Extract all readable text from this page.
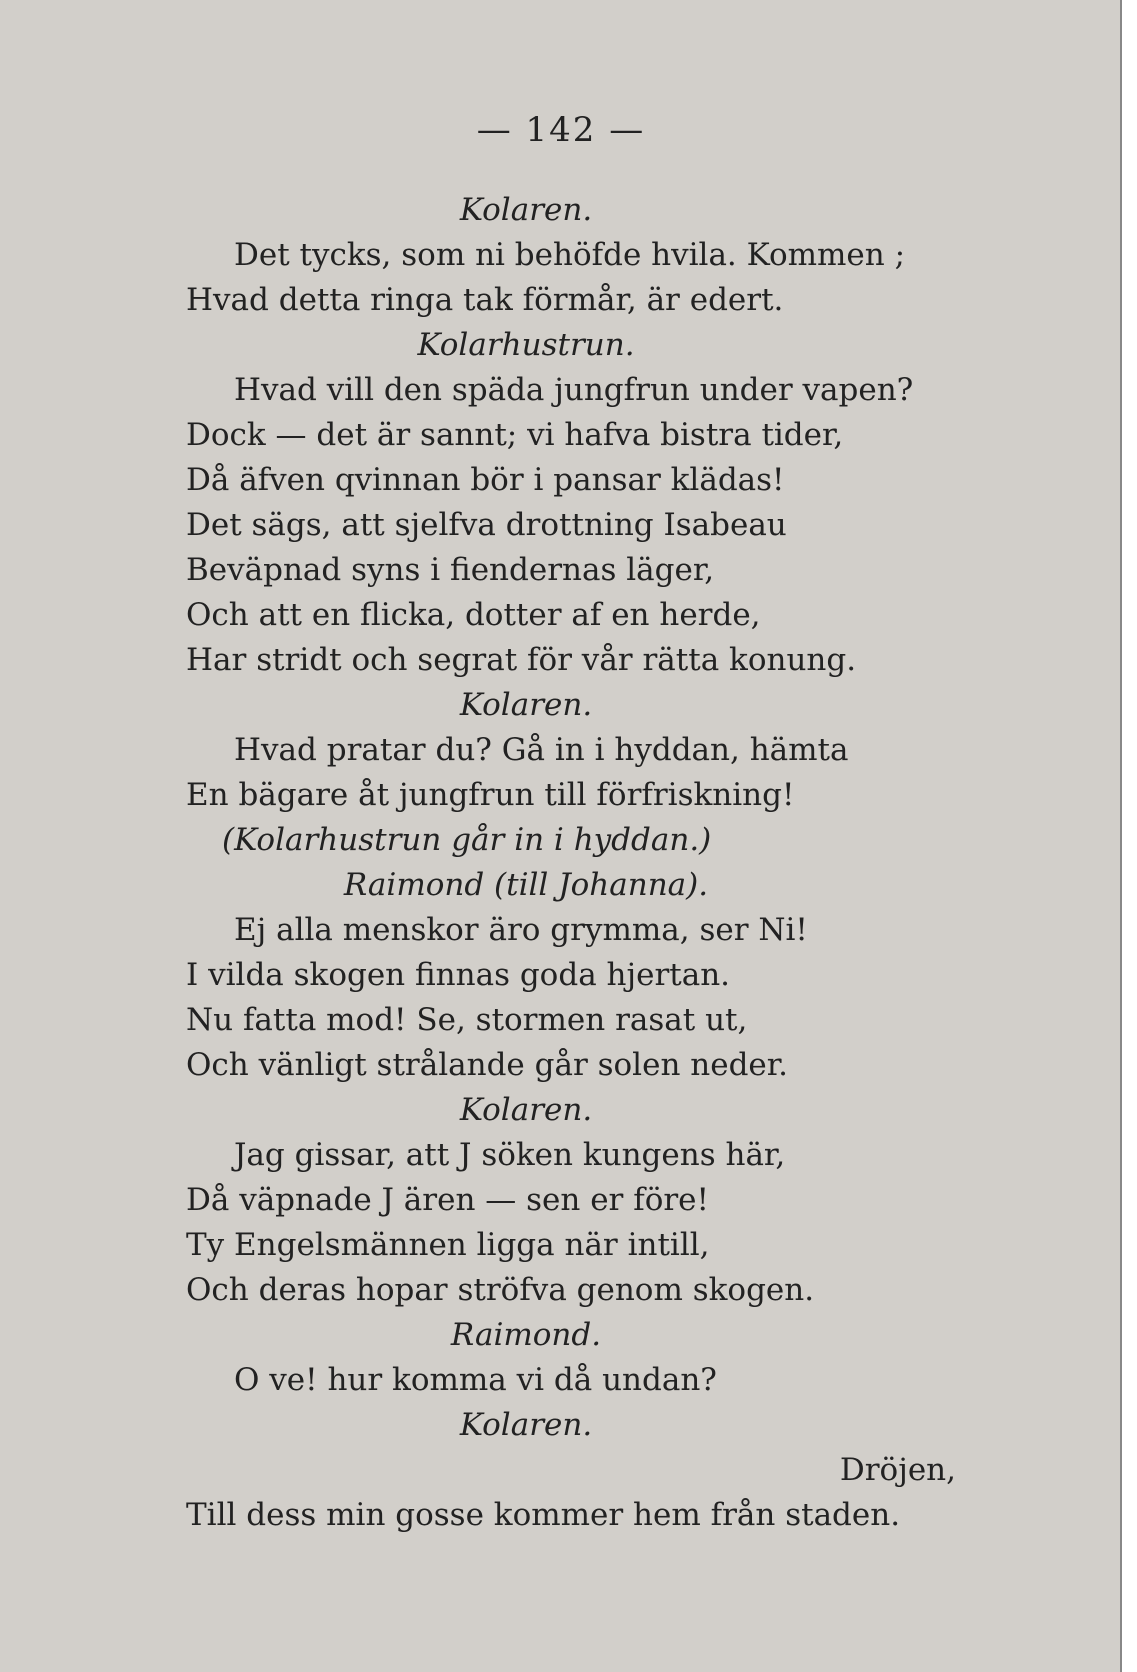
— 142 —
Kolaren.
Det tycks, som ni behöfde hvila. Kommen ;
Hvad detta ringa tak förmår, är edert.
Kolarhustrun.
Hvad vill den späda jungfrun under vapen?
Dock — det är sannt; vi hafva bistra tider,
Då äfven qvinnan bör i pansar klädas!
Det sägs, att sjelfva drottning Isabeau
Beväpnad syns i fiendernas läger,
Och att en flicka, dotter af en herde,
Har stridt och segrat för vår rätta konung.
Kolaren.
Hvad pratar du? Gå in i hyddan, hämta
En bägare åt jungfrun till förfriskning!
(Kolarhustrun går in i hyddan.)
Raimond (till Johanna).
Ej alla menskor äro grymma, ser Ni!
I vilda skogen finnas goda hjertan.
Nu fatta mod! Se, stormen rasat ut,
Och vänligt strålande går solen neder.
Kolaren.
Jag gissar, att J söken kungens här,
Då väpnade J ären — sen er före!
Ty Engelsmännen ligga när intill,
Och deras hopar ströfva genom skogen.
Raimond.
O ve! hur komma vi då undan?
Kolaren.
Dröjen,
Till dess min gosse kommer hem från staden.
